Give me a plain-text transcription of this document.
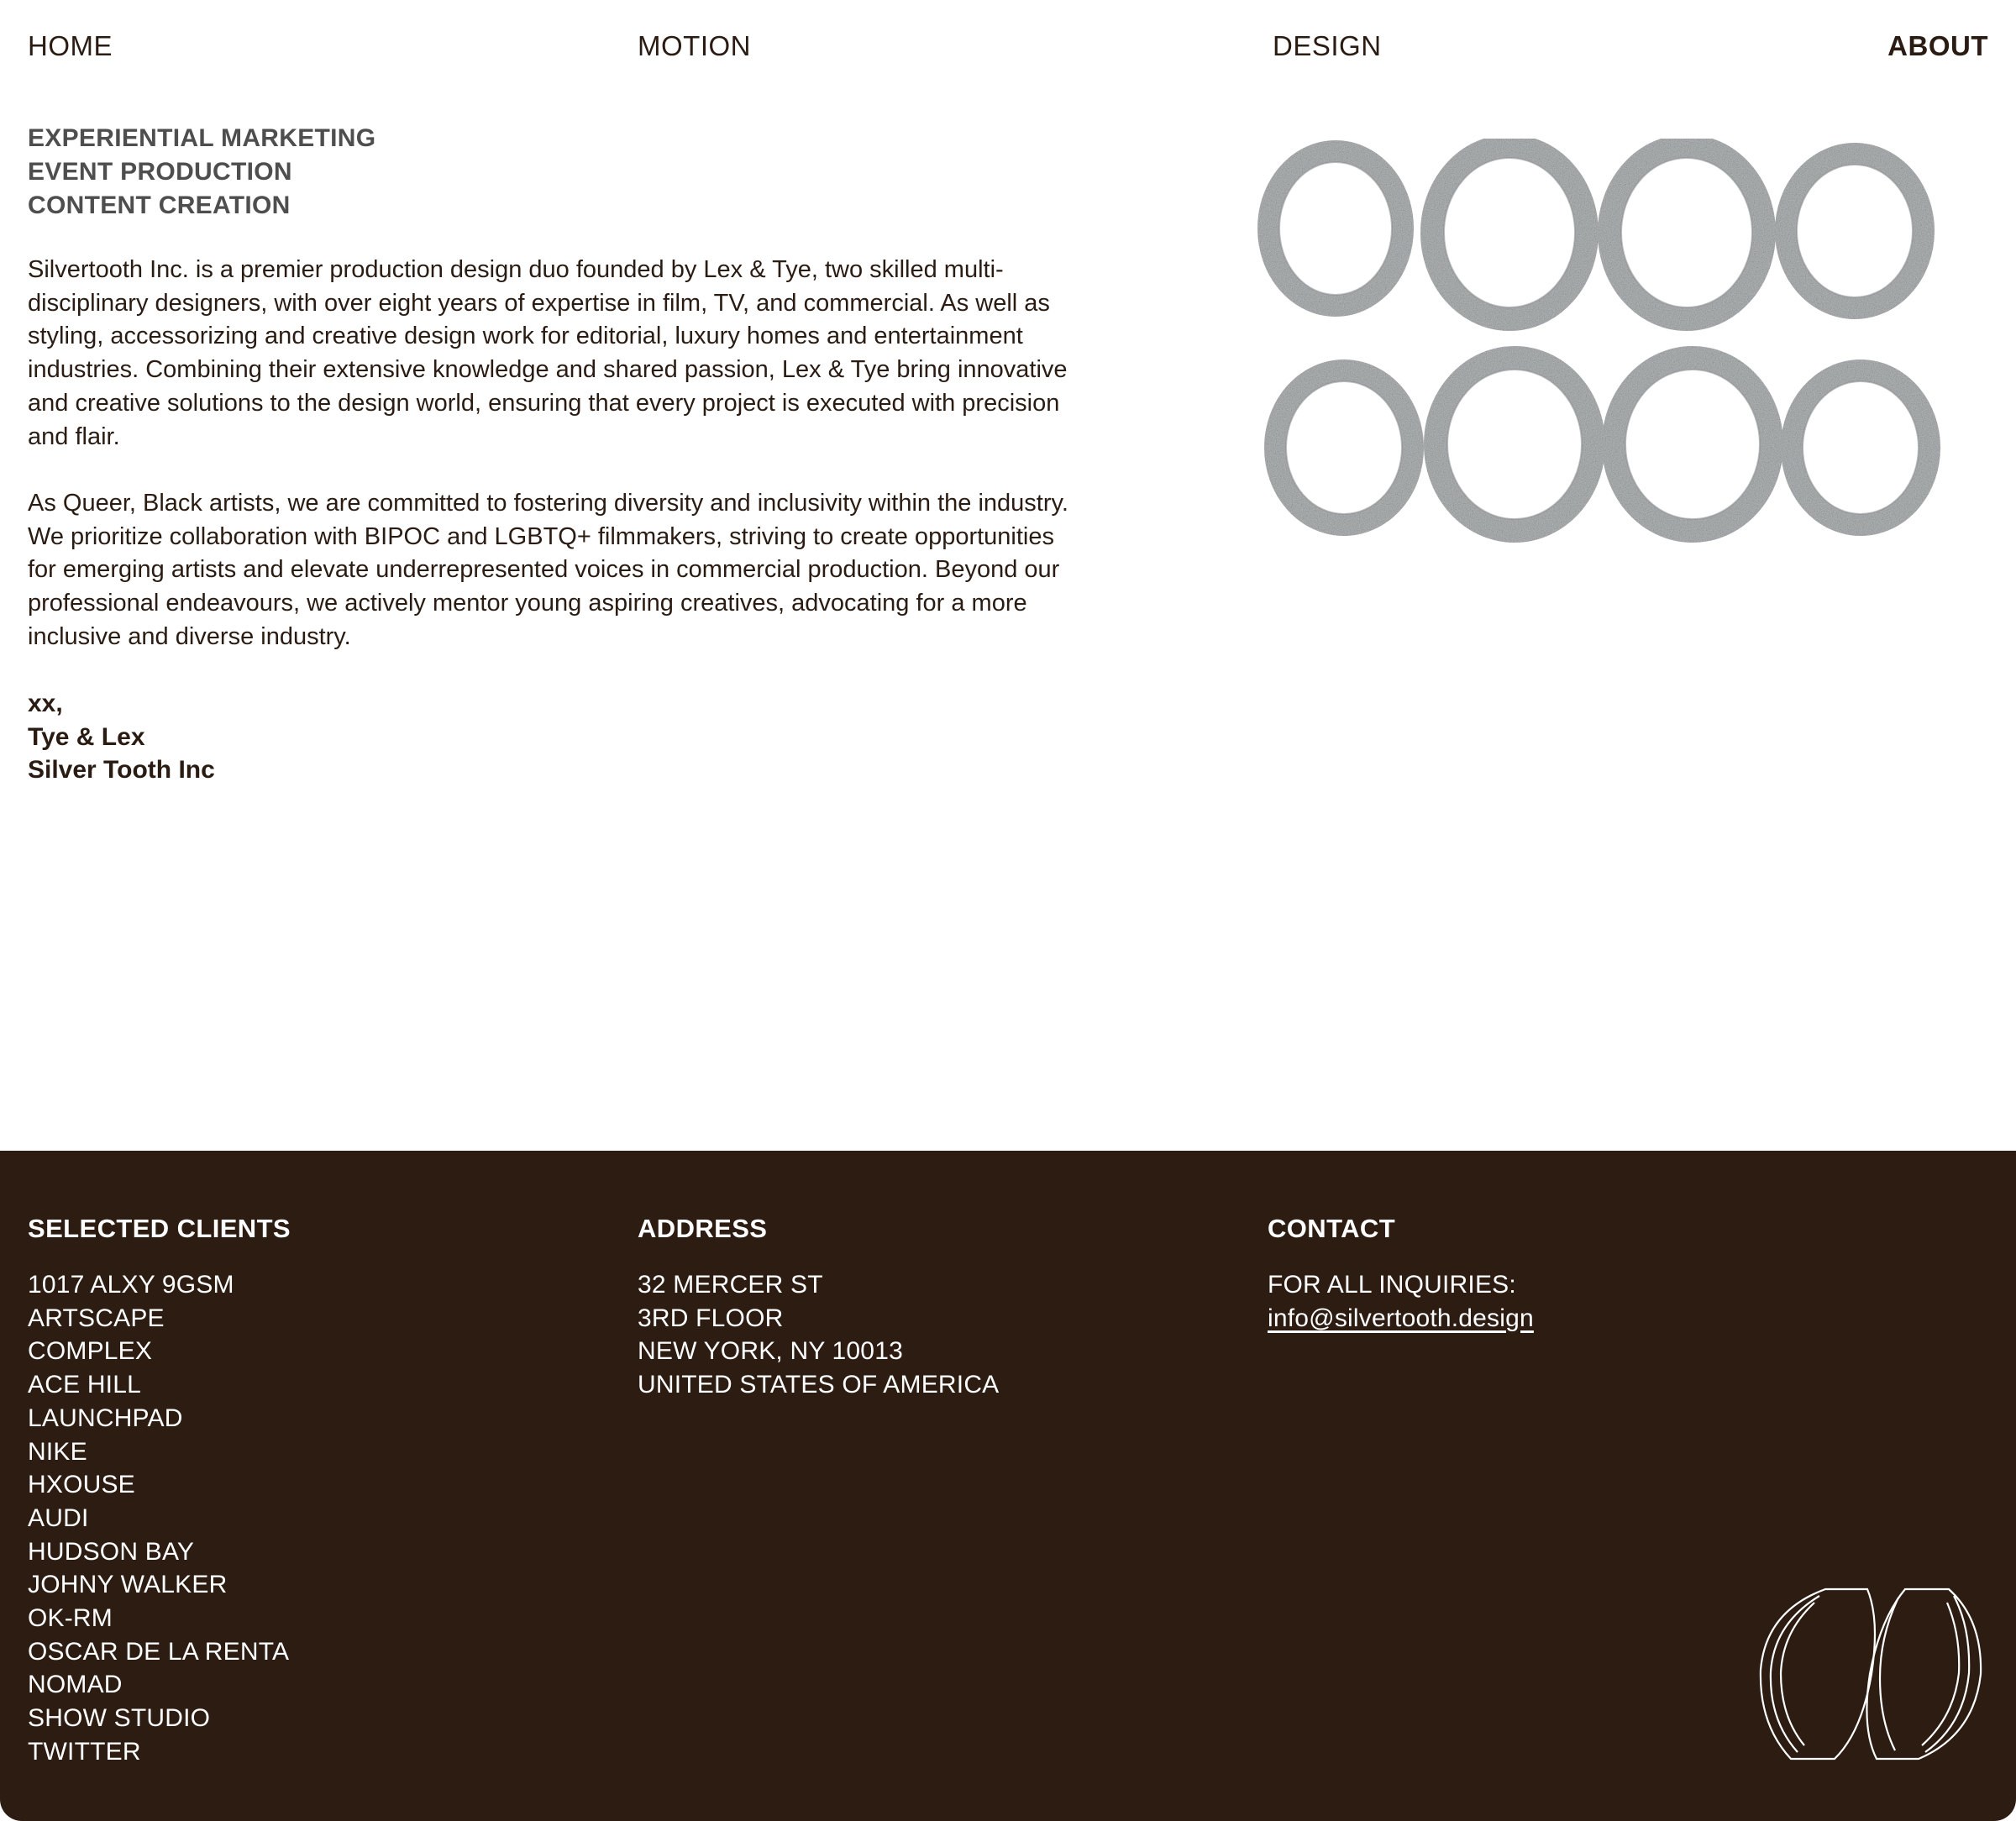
HOME	MOTION	DESIGN	ABOUT
EXPERIENTIAL MARKETING
EVENT PRODUCTION
CONTENT CREATION

Silvertooth Inc. is a premier production design duo founded by Lex & Tye, two skilled multi-disciplinary designers, with over eight years of expertise in film, TV, and commercial. As well as styling, accessorizing and creative design work for editorial, luxury homes and entertainment industries. Combining their extensive knowledge and shared passion, Lex & Tye bring innovative and creative solutions to the design world, ensuring that every project is executed with precision and flair.

As Queer, Black artists, we are committed to fostering diversity and inclusivity within the industry. We prioritize collaboration with BIPOC and LGBTQ+ filmmakers, striving to create opportunities for emerging artists and elevate underrepresented voices in commercial production. Beyond our professional endeavours, we actively mentor young aspiring creatives, advocating for a more inclusive and diverse industry.

xx,
Tye & Lex
Silver Tooth Inc
SELECTED CLIENTS
1017 ALXY 9GSM
ARTSCAPE
COMPLEX
ACE HILL
LAUNCHPAD
NIKE
HXOUSE
AUDI
HUDSON BAY
JOHNY WALKER
OK-RM
OSCAR DE LA RENTA
NOMAD
SHOW STUDIO
TWITTER
ADDRESS
32 MERCER ST
3RD FLOOR
NEW YORK, NY 10013
UNITED STATES OF AMERICA
CONTACT
FOR ALL INQUIRIES:
info@silvertooth.design
